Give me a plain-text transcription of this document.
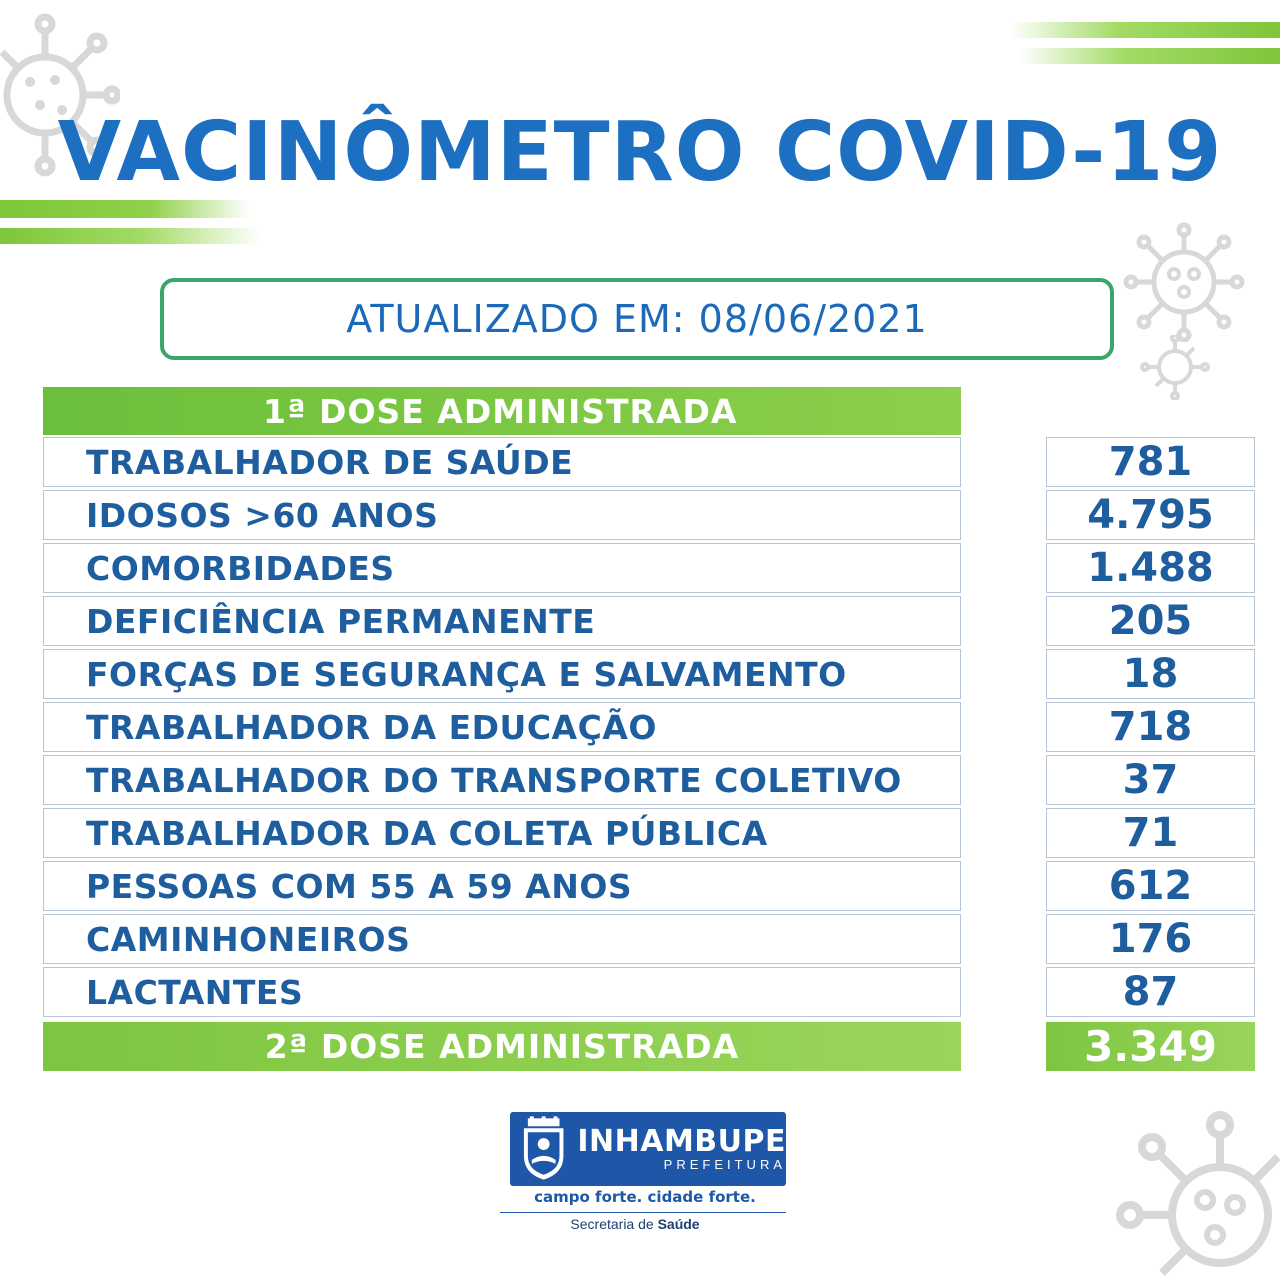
VACINÔMETRO COVID-19
ATUALIZADO EM: 08/06/2021
1ª DOSE ADMINISTRADA
TRABALHADOR DE SAÚDE	781
IDOSOS >60 ANOS	4.795
COMORBIDADES	1.488
DEFICIÊNCIA PERMANENTE	205
FORÇAS DE SEGURANÇA E SALVAMENTO	18
TRABALHADOR DA EDUCAÇÃO	718
TRABALHADOR DO TRANSPORTE COLETIVO	37
TRABALHADOR DA COLETA PÚBLICA	71
PESSOAS COM 55 A 59 ANOS	612
CAMINHONEIROS	176
LACTANTES	87
2ª DOSE ADMINISTRADA	3.349
INHAMBUPE
PREFEITURA
campo forte. cidade forte.
Secretaria de Saúde
